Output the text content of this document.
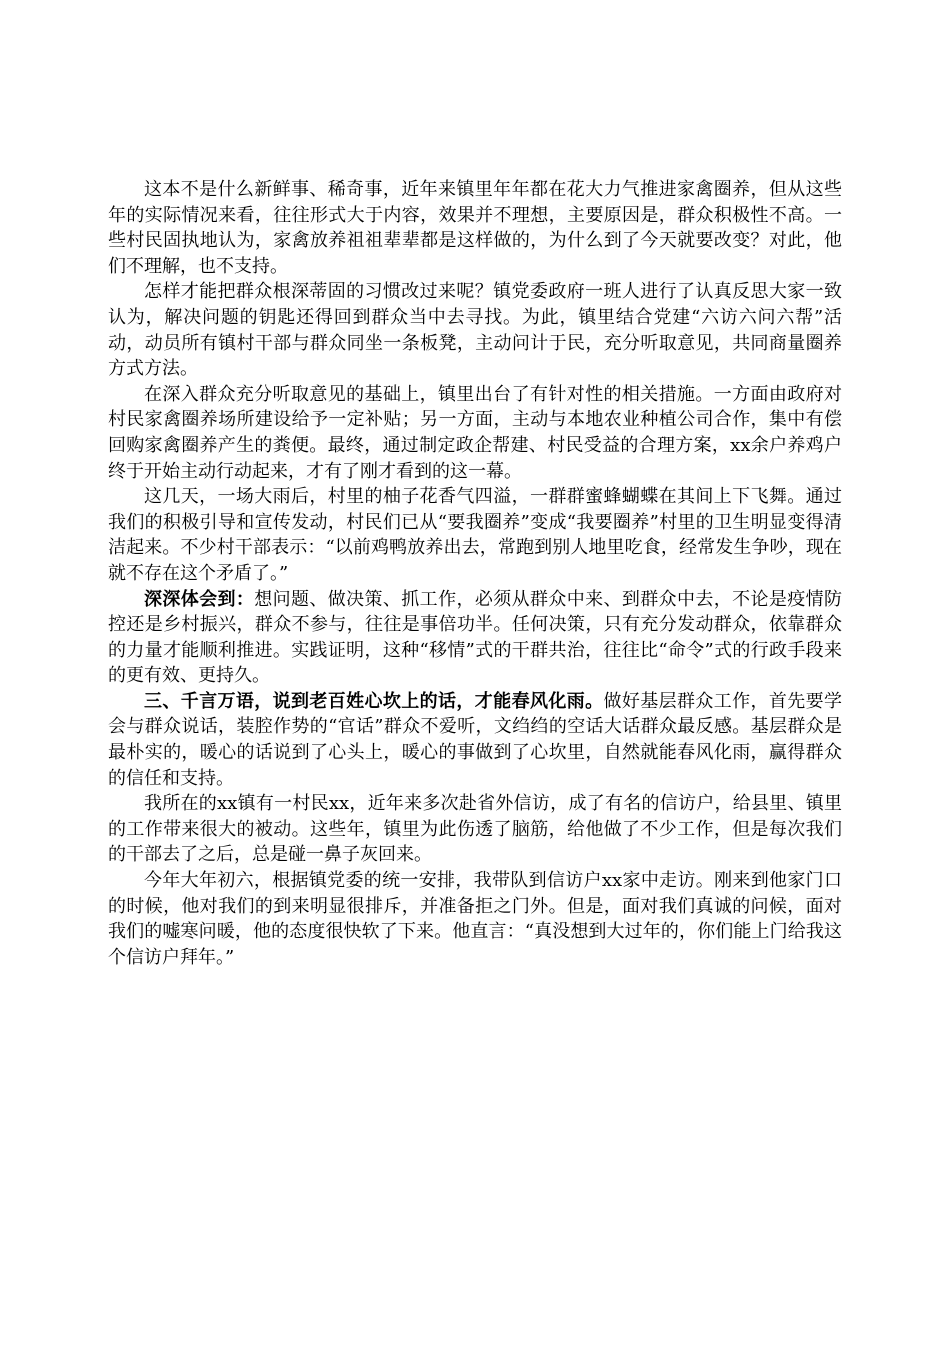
这本不是什么新鲜事、稀奇事，近年来镇里年年都在花大力气推进家禽圈养，但从这些年的实际情况来看，往往形式大于内容，效果并不理想，主要原因是，群众积极性不高。一些村民固执地认为，家禽放养祖祖辈辈都是这样做的，为什么到了今天就要改变？对此，他们不理解，也不支持。

怎样才能把群众根深蒂固的习惯改过来呢？镇党委政府一班人进行了认真反思大家一致认为，解决问题的钥匙还得回到群众当中去寻找。为此，镇里结合党建“六访六问六帮”活动，动员所有镇村干部与群众同坐一条板凳，主动问计于民，充分听取意见，共同商量圈养方式方法。

在深入群众充分听取意见的基础上，镇里出台了有针对性的相关措施。一方面由政府对村民家禽圈养场所建设给予一定补贴；另一方面，主动与本地农业种植公司合作，集中有偿回购家禽圈养产生的粪便。最终，通过制定政企帮建、村民受益的合理方案，xx余户养鸡户终于开始主动行动起来，才有了刚才看到的这一幕。

这几天，一场大雨后，村里的柚子花香气四溢，一群群蜜蜂蝴蝶在其间上下飞舞。通过我们的积极引导和宣传发动，村民们已从“要我圈养”变成“我要圈养”村里的卫生明显变得清洁起来。不少村干部表示：“以前鸡鸭放养出去，常跑到别人地里吃食，经常发生争吵，现在就不存在这个矛盾了。”

深深体会到：想问题、做决策、抓工作，必须从群众中来、到群众中去，不论是疫情防控还是乡村振兴，群众不参与，往往是事倍功半。任何决策，只有充分发动群众，依靠群众的力量才能顺利推进。实践证明，这种“移情”式的干群共治，往往比“命令”式的行政手段来的更有效、更持久。

三、千言万语，说到老百姓心坎上的话，才能春风化雨。做好基层群众工作，首先要学会与群众说话，装腔作势的“官话”群众不爱听，文绉绉的空话大话群众最反感。基层群众是最朴实的，暖心的话说到了心头上，暖心的事做到了心坎里，自然就能春风化雨，赢得群众的信任和支持。

我所在的xx镇有一村民xx，近年来多次赴省外信访，成了有名的信访户，给县里、镇里的工作带来很大的被动。这些年，镇里为此伤透了脑筋，给他做了不少工作，但是每次我们的干部去了之后，总是碰一鼻子灰回来。

今年大年初六，根据镇党委的统一安排，我带队到信访户xx家中走访。刚来到他家门口的时候，他对我们的到来明显很排斥，并准备拒之门外。但是，面对我们真诚的问候，面对我们的嘘寒问暖，他的态度很快软了下来。他直言：“真没想到大过年的，你们能上门给我这个信访户拜年。”
